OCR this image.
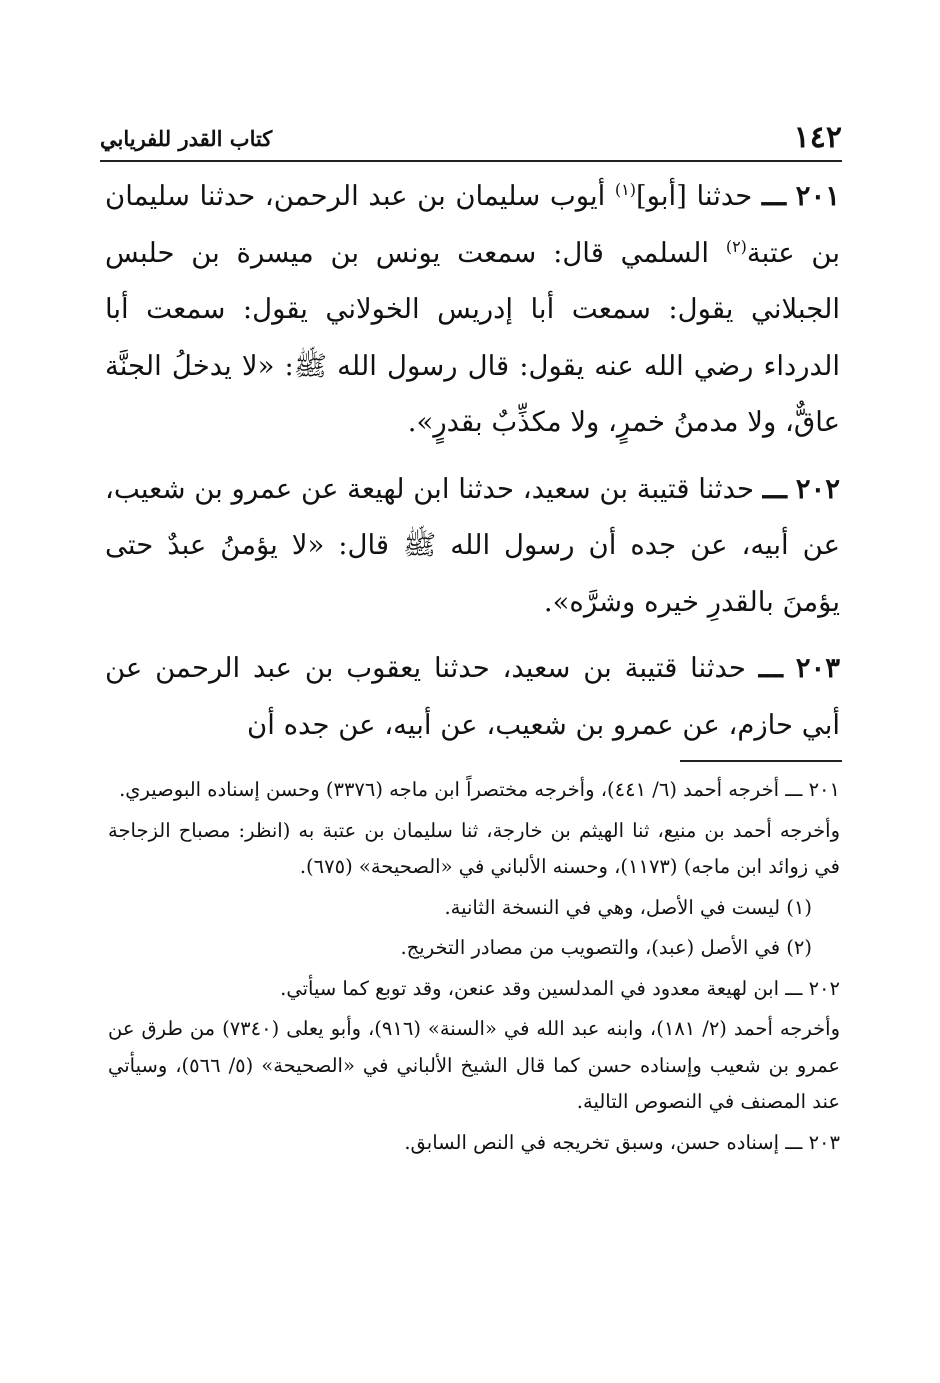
١٤٢
كتاب القدر للفريابي

٢٠١ ـــ حدثنا [أبو]$^{(١)}$ أيوب سليمان بن عبد الرحمن، حدثنا سليمان بن عتبة$^{(٢)}$ السلمي قال: سمعت يونس بن ميسرة بن حلبس الجبلاني يقول: سمعت أبا إدريس الخولاني يقول: سمعت أبا الدرداء رضي الله عنه يقول: قال رسول الله ﷺ: «لا يدخلُ الجنَّة عاقٌّ، ولا مدمنُ خمرٍ، ولا مكذِّبٌ بقدرٍ».

٢٠٢ ـــ حدثنا قتيبة بن سعيد، حدثنا ابن لهيعة عن عمرو بن شعيب، عن أبيه، عن جده أن رسول الله ﷺ قال: «لا يؤمنُ عبدٌ حتى يؤمنَ بالقدرِ خيره وشرَّه».

٢٠٣ ـــ حدثنا قتيبة بن سعيد، حدثنا يعقوب بن عبد الرحمن عن أبي حازم، عن عمرو بن شعيب، عن أبيه، عن جده أن

٢٠١ ـــ أخرجه أحمد (٦/ ٤٤١)، وأخرجه مختصراً ابن ماجه (٣٣٧٦) وحسن إسناده البوصيري.

وأخرجه أحمد بن منيع، ثنا الهيثم بن خارجة، ثنا سليمان بن عتبة به (انظر: مصباح الزجاجة في زوائد ابن ماجه) (١١٧٣)، وحسنه الألباني في «الصحيحة» (٦٧٥).

(١) ليست في الأصل، وهي في النسخة الثانية.

(٢) في الأصل (عبد)، والتصويب من مصادر التخريج.

٢٠٢ ـــ ابن لهيعة معدود في المدلسين وقد عنعن، وقد توبع كما سيأتي.

وأخرجه أحمد (٢/ ١٨١)، وابنه عبد الله في «السنة» (٩١٦)، وأبو يعلى (٧٣٤٠) من طرق عن عمرو بن شعيب وإسناده حسن كما قال الشيخ الألباني في «الصحيحة» (٥/ ٥٦٦)، وسيأتي عند المصنف في النصوص التالية.

٢٠٣ ـــ إسناده حسن، وسبق تخريجه في النص السابق.
